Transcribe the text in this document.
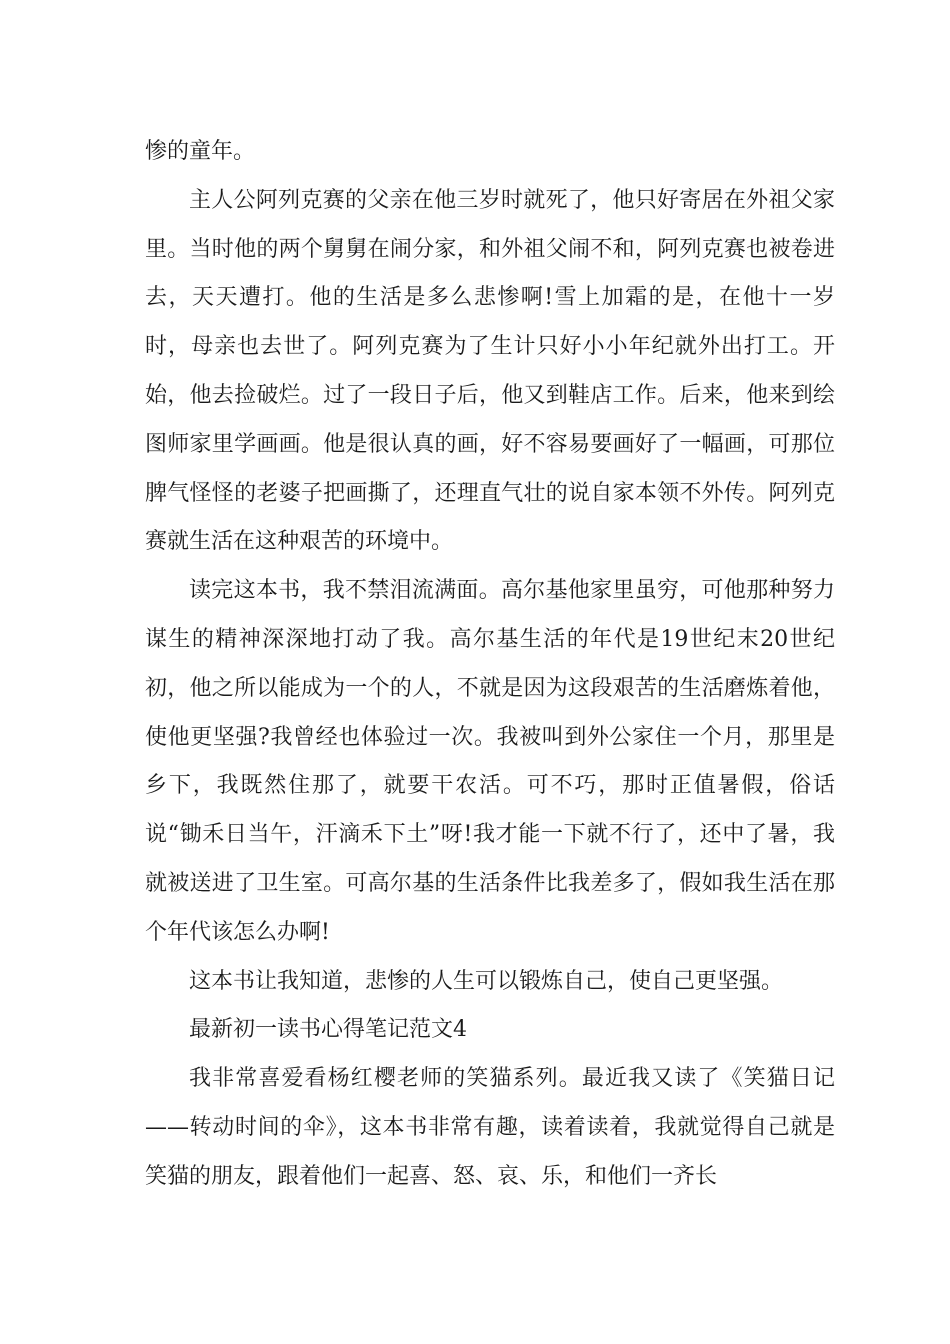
惨的童年。

主人公阿列克赛的父亲在他三岁时就死了，他只好寄居在外祖父家里。当时他的两个舅舅在闹分家，和外祖父闹不和，阿列克赛也被卷进去，天天遭打。他的生活是多么悲惨啊!雪上加霜的是，在他十一岁时，母亲也去世了。阿列克赛为了生计只好小小年纪就外出打工。开始，他去捡破烂。过了一段日子后，他又到鞋店工作。后来，他来到绘图师家里学画画。他是很认真的画，好不容易要画好了一幅画，可那位脾气怪怪的老婆子把画撕了，还理直气壮的说自家本领不外传。阿列克赛就生活在这种艰苦的环境中。

读完这本书，我不禁泪流满面。高尔基他家里虽穷，可他那种努力谋生的精神深深地打动了我。高尔基生活的年代是19世纪末20世纪初，他之所以能成为一个的人，不就是因为这段艰苦的生活磨炼着他，使他更坚强?我曾经也体验过一次。我被叫到外公家住一个月，那里是乡下，我既然住那了，就要干农活。可不巧，那时正值暑假，俗话说“锄禾日当午，汗滴禾下土”呀!我才能一下就不行了，还中了暑，我就被送进了卫生室。可高尔基的生活条件比我差多了，假如我生活在那个年代该怎么办啊!

这本书让我知道，悲惨的人生可以锻炼自己，使自己更坚强。

最新初一读书心得笔记范文4

我非常喜爱看杨红樱老师的笑猫系列。最近我又读了《笑猫日记——转动时间的伞》，这本书非常有趣，读着读着，我就觉得自己就是笑猫的朋友，跟着他们一起喜、怒、哀、乐，和他们一齐长
